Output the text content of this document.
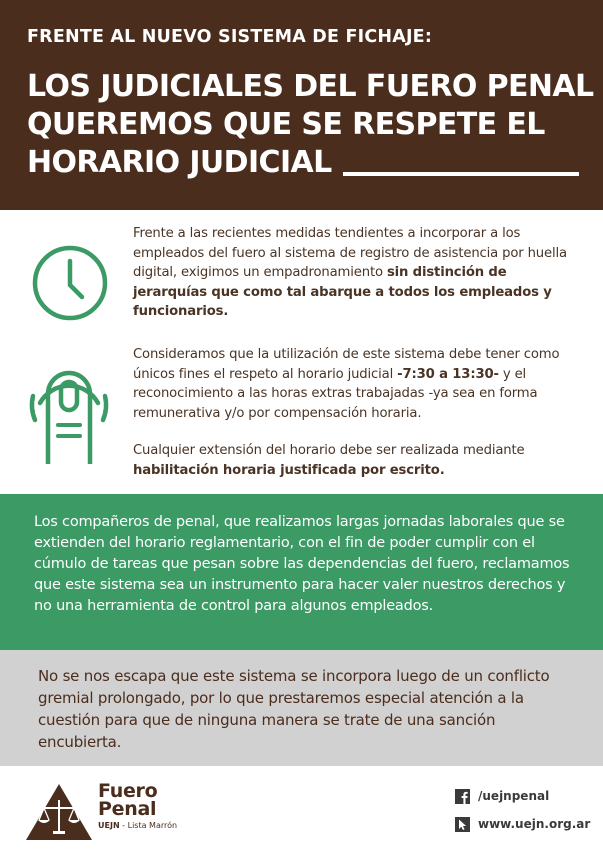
FRENTE AL NUEVO SISTEMA DE FICHAJE:
LOS JUDICIALES DEL FUERO PENAL
QUEREMOS QUE SE RESPETE EL
HORARIO JUDICIAL

Frente a las recientes medidas tendientes a incorporar a los empleados del fuero al sistema de registro de asistencia por huella digital, exigimos un empadronamiento sin distinción de jerarquías que como tal abarque a todos los empleados y funcionarios.

Consideramos que la utilización de este sistema debe tener como únicos fines el respeto al horario judicial -7:30 a 13:30- y el reconocimiento a las horas extras trabajadas -ya sea en forma remunerativa y/o por compensación horaria.

Cualquier extensión del horario debe ser realizada mediante habilitación horaria justificada por escrito.

Los compañeros de penal, que realizamos largas jornadas laborales que se extienden del horario reglamentario, con el fin de poder cumplir con el cúmulo de tareas que pesan sobre las dependencias del fuero, reclamamos que este sistema sea un instrumento para hacer valer nuestros derechos y no una herramienta de control para algunos empleados.

No se nos escapa que este sistema se incorpora luego de un conflicto gremial prolongado, por lo que prestaremos especial atención a la cuestión para que de ninguna manera se trate de una sanción encubierta.

Fuero
Penal
UEJN - Lista Marrón
/uejnpenal
www.uejn.org.ar
